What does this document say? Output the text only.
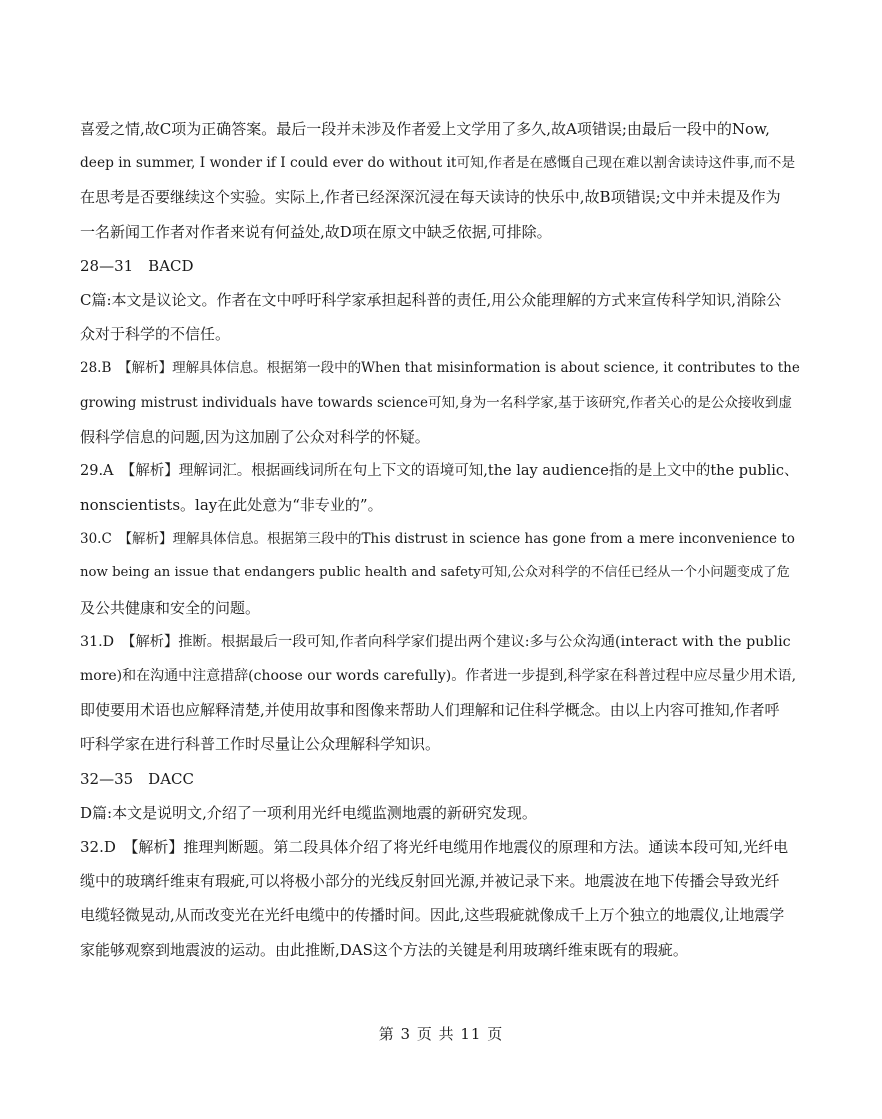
喜爱之情,故C项为正确答案。最后一段并未涉及作者爱上文学用了多久,故A项错误;由最后一段中的Now,
deep in summer, I wonder if I could ever do without it可知,作者是在感慨自己现在难以割舍读诗这件事,而不是
在思考是否要继续这个实验。实际上,作者已经深深沉浸在每天读诗的快乐中,故B项错误;文中并未提及作为
一名新闻工作者对作者来说有何益处,故D项在原文中缺乏依据,可排除。
28—31　BACD
C篇:本文是议论文。作者在文中呼吁科学家承担起科普的责任,用公众能理解的方式来宣传科学知识,消除公
众对于科学的不信任。
28.B　【解析】理解具体信息。根据第一段中的When that misinformation is about science, it contributes to the
growing mistrust individuals have towards science可知,身为一名科学家,基于该研究,作者关心的是公众接收到虚
假科学信息的问题,因为这加剧了公众对科学的怀疑。
29.A　【解析】理解词汇。根据画线词所在句上下文的语境可知,the lay audience指的是上文中的the public、
nonscientists。lay在此处意为“非专业的”。
30.C　【解析】理解具体信息。根据第三段中的This distrust in science has gone from a mere inconvenience to
now being an issue that endangers public health and safety可知,公众对科学的不信任已经从一个小问题变成了危
及公共健康和安全的问题。
31.D　【解析】推断。根据最后一段可知,作者向科学家们提出两个建议:多与公众沟通(interact with the public
more)和在沟通中注意措辞(choose our words carefully)。作者进一步提到,科学家在科普过程中应尽量少用术语,
即使要用术语也应解释清楚,并使用故事和图像来帮助人们理解和记住科学概念。由以上内容可推知,作者呼
吁科学家在进行科普工作时尽量让公众理解科学知识。
32—35　DACC
D篇:本文是说明文,介绍了一项利用光纤电缆监测地震的新研究发现。
32.D　【解析】推理判断题。第二段具体介绍了将光纤电缆用作地震仪的原理和方法。通读本段可知,光纤电
缆中的玻璃纤维束有瑕疵,可以将极小部分的光线反射回光源,并被记录下来。地震波在地下传播会导致光纤
电缆轻微晃动,从而改变光在光纤电缆中的传播时间。因此,这些瑕疵就像成千上万个独立的地震仪,让地震学
家能够观察到地震波的运动。由此推断,DAS这个方法的关键是利用玻璃纤维束既有的瑕疵。
第 3 页 共 11 页
